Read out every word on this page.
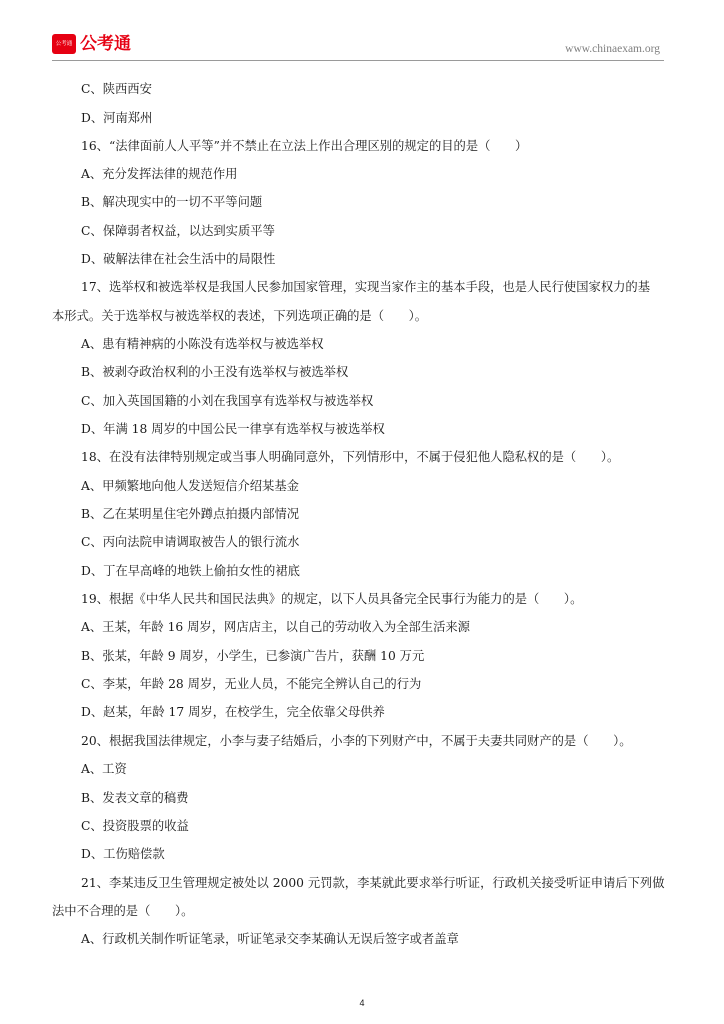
公考通 公考通	www.chinaexam.org
C、陕西西安
D、河南郑州
16、“法律面前人人平等”并不禁止在立法上作出合理区别的规定的目的是（　　）
A、充分发挥法律的规范作用
B、解决现实中的一切不平等问题
C、保障弱者权益，以达到实质平等
D、破解法律在社会生活中的局限性
17、选举权和被选举权是我国人民参加国家管理，实现当家作主的基本手段，也是人民行使国家权力的基
本形式。关于选举权与被选举权的表述，下列选项正确的是（　　）。
A、患有精神病的小陈没有选举权与被选举权
B、被剥夺政治权利的小王没有选举权与被选举权
C、加入英国国籍的小刘在我国享有选举权与被选举权
D、年满 18 周岁的中国公民一律享有选举权与被选举权
18、在没有法律特别规定或当事人明确同意外，下列情形中，不属于侵犯他人隐私权的是（　　）。
A、甲频繁地向他人发送短信介绍某基金
B、乙在某明星住宅外蹲点拍摄内部情况
C、丙向法院申请调取被告人的银行流水
D、丁在早高峰的地铁上偷拍女性的裙底
19、根据《中华人民共和国民法典》的规定，以下人员具备完全民事行为能力的是（　　）。
A、王某，年龄 16 周岁，网店店主，以自己的劳动收入为全部生活来源
B、张某，年龄 9 周岁，小学生，已参演广告片，获酬 10 万元
C、李某，年龄 28 周岁，无业人员，不能完全辨认自己的行为
D、赵某，年龄 17 周岁，在校学生，完全依靠父母供养
20、根据我国法律规定，小李与妻子结婚后，小李的下列财产中，不属于夫妻共同财产的是（　　）。
A、工资
B、发表文章的稿费
C、投资股票的收益
D、工伤赔偿款
21、李某违反卫生管理规定被处以 2000 元罚款，李某就此要求举行听证，行政机关接受听证申请后下列做
法中不合理的是（　　）。
A、行政机关制作听证笔录，听证笔录交李某确认无误后签字或者盖章
4
